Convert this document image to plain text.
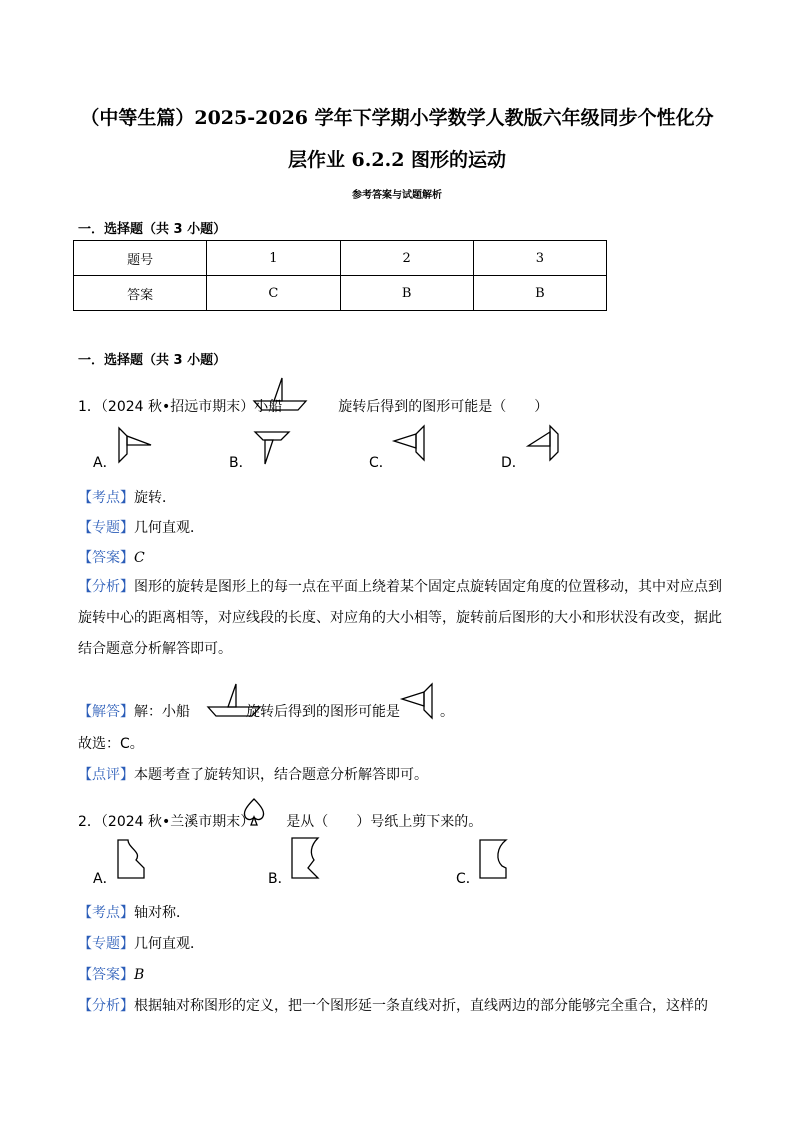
（中等生篇）2025-2026 学年下学期小学数学人教版六年级同步个性化分
层作业 6.2.2 图形的运动
参考答案与试题解析
一．选择题（共 3 小题）
题号	1	2	3
答案	C	B	B
一．选择题（共 3 小题）
1．（2024 秋•招远市期末）小船	旋转后得到的图形可能是（　　）
A．	B．	C．	D．
【考点】旋转．
【专题】几何直观．
【答案】C
【分析】图形的旋转是图形上的每一点在平面上绕着某个固定点旋转固定角度的位置移动，其中对应点到旋转中心的距离相等，对应线段的长度、对应角的大小相等，旋转前后图形的大小和形状没有改变，据此结合题意分析解答即可。
【解答】解：小船	旋转后得到的图形可能是	。
故选：C。
【点评】本题考查了旋转知识，结合题意分析解答即可。
2．（2024 秋•兰溪市期末） 是从（　　）号纸上剪下来的。
A．	B．	C．
【考点】轴对称．
【专题】几何直观．
【答案】B
【分析】根据轴对称图形的定义，把一个图形延一条直线对折，直线两边的部分能够完全重合，这样的
